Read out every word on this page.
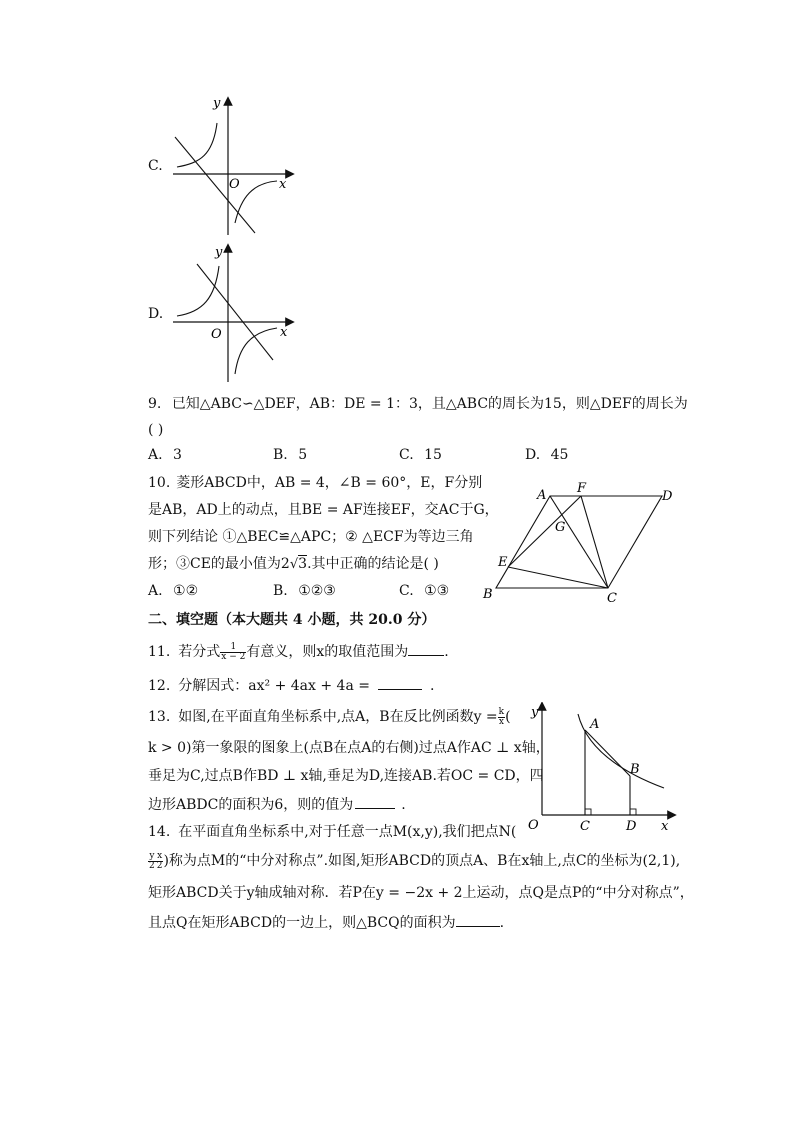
C.
y
x
O
D.
y
x
O
9. 已知△ABC∽△DEF，AB：DE = 1：3，且△ABC的周长为15，则△DEF的周长为
( )
A. 3	B. 5	C. 15	D. 45
10. 菱形ABCD中，AB = 4，∠B = 60°，E，F分别
是AB，AD上的动点，且BE = AF连接EF，交AC于G，
则下列结论 ①△BEC≌△APC；② △ECF为等边三角
形；③CE的最小值为2√3.其中正确的结论是( )
A. ①②	B. ①②③	C. ①③
A F
D
G
E
B	C
二、填空题（本大题共 4 小题，共 20.0 分）
11. 若分式 $\frac{1}{x - 2}$ 有意义，则x的取值范围为	.
12. 分解因式：ax² + 4ax + 4a =	.
13. 如图,在平面直角坐标系中,点A，B在反比例函数$y = \frac{k}{x}$ (
k > 0)第一象限的图象上(点B在点A的右侧)过点A作AC ⊥ x轴，
垂足为C,过点B作BD ⊥ x轴,垂足为D,连接AB.若OC = CD，四
边形ABDC的面积为6，则的值为	.
y
x
O
A
B
C	D
14. 在平面直角坐标系中,对于任意一点M(x,y),我们把点N(
$\frac{y}{2} \frac{x}{2}$ )称为点M的“中分对称点”.如图,矩形ABCD的顶点A、B在x轴上,点C的坐标为(2,1),
矩形ABCD关于y轴成轴对称．若P在y = −2x + 2上运动，点Q是点P的“中分对称点”，
且点Q在矩形ABCD的一边上，则△BCQ的面积为	.
